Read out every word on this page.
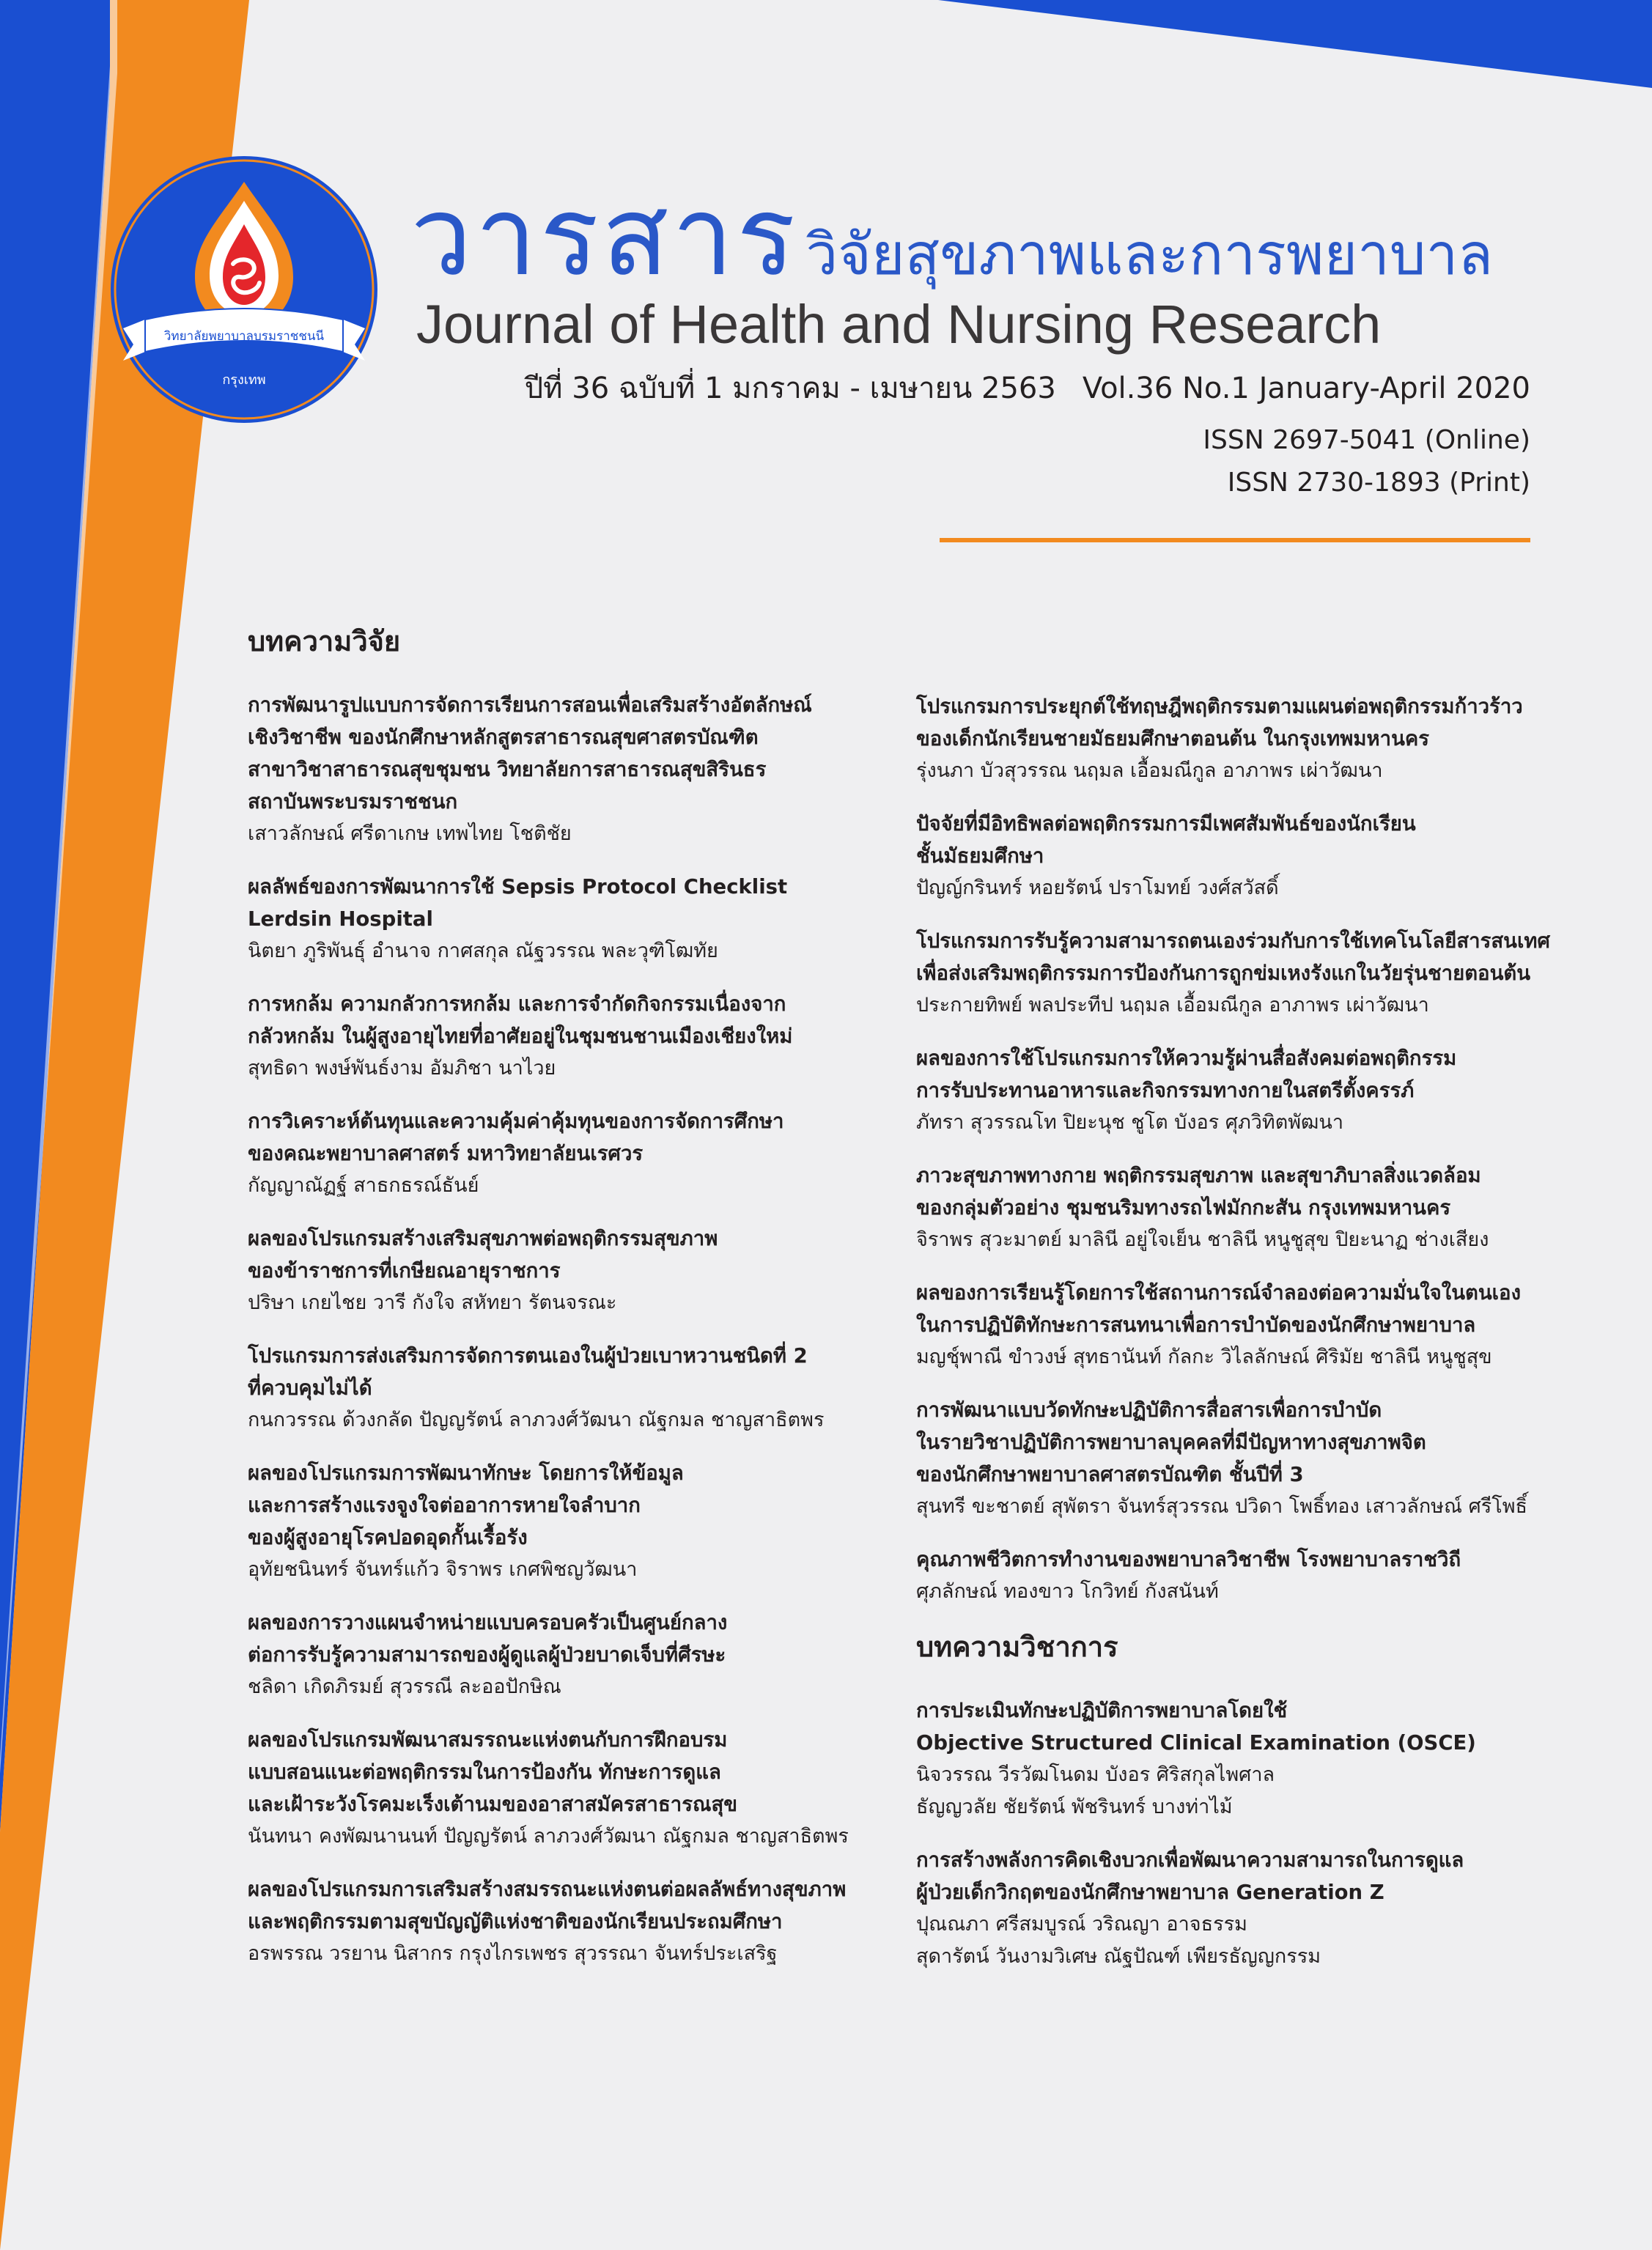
วิทยาลัยพยาบาลบรมราชชนนี
กรุงเทพ
วารสาร วิจัยสุขภาพและการพยาบาล
Journal of Health and Nursing Research
ปีที่ 36 ฉบับที่ 1 มกราคม - เมษายน 2563 Vol.36 No.1 January-April 2020
ISSN 2697-5041 (Online)
ISSN 2730-1893 (Print)
บทความวิจัย
การพัฒนารูปแบบการจัดการเรียนการสอนเพื่อเสริมสร้างอัตลักษณ์
เชิงวิชาชีพ ของนักศึกษาหลักสูตรสาธารณสุขศาสตรบัณฑิต
สาขาวิชาสาธารณสุขชุมชน วิทยาลัยการสาธารณสุขสิรินธร
สถาบันพระบรมราชชนก
เสาวลักษณ์ ศรีดาเกษ เทพไทย โชติชัย
ผลลัพธ์ของการพัฒนาการใช้ Sepsis Protocol Checklist
Lerdsin Hospital
นิตยา ภูริพันธุ์ อำนาจ กาศสกุล ณัฐวรรณ พละวุฑิโฒทัย
การหกล้ม ความกลัวการหกล้ม และการจำกัดกิจกรรมเนื่องจาก
กลัวหกล้ม ในผู้สูงอายุไทยที่อาศัยอยู่ในชุมชนชานเมืองเชียงใหม่
สุทธิดา พงษ์พันธ์งาม อัมภิชา นาไวย
การวิเคราะห์ต้นทุนและความคุ้มค่าคุ้มทุนของการจัดการศึกษา
ของคณะพยาบาลศาสตร์ มหาวิทยาลัยนเรศวร
กัญญาณัฏฐ์ สาธกธรณ์ธันย์
ผลของโปรแกรมสร้างเสริมสุขภาพต่อพฤติกรรมสุขภาพ
ของข้าราชการที่เกษียณอายุราชการ
ปริษา เกยไชย วารี กังใจ สหัทยา รัตนจรณะ
โปรแกรมการส่งเสริมการจัดการตนเองในผู้ป่วยเบาหวานชนิดที่ 2
ที่ควบคุมไม่ได้
กนกวรรณ ด้วงกลัด ปัญญรัตน์ ลาภวงศ์วัฒนา ณัฐกมล ชาญสาธิตพร
ผลของโปรแกรมการพัฒนาทักษะ โดยการให้ข้อมูล
และการสร้างแรงจูงใจต่ออาการหายใจลำบาก
ของผู้สูงอายุโรคปอดอุดกั้นเรื้อรัง
อุทัยชนินทร์ จันทร์แก้ว จิราพร เกศพิชญวัฒนา
ผลของการวางแผนจำหน่ายแบบครอบครัวเป็นศูนย์กลาง
ต่อการรับรู้ความสามารถของผู้ดูแลผู้ป่วยบาดเจ็บที่ศีรษะ
ชลิดา เกิดภิรมย์ สุวรรณี ละออปักษิณ
ผลของโปรแกรมพัฒนาสมรรถนะแห่งตนกับการฝึกอบรม
แบบสอนแนะต่อพฤติกรรมในการป้องกัน ทักษะการดูแล
และเฝ้าระวังโรคมะเร็งเต้านมของอาสาสมัครสาธารณสุข
นันทนา คงพัฒนานนท์ ปัญญรัตน์ ลาภวงศ์วัฒนา ณัฐกมล ชาญสาธิตพร
ผลของโปรแกรมการเสริมสร้างสมรรถนะแห่งตนต่อผลลัพธ์ทางสุขภาพ
และพฤติกรรมตามสุขบัญญัติแห่งชาติของนักเรียนประถมศึกษา
อรพรรณ วรยาน นิสากร กรุงไกรเพชร สุวรรณา จันทร์ประเสริฐ
โปรแกรมการประยุกต์ใช้ทฤษฎีพฤติกรรมตามแผนต่อพฤติกรรมก้าวร้าว
ของเด็กนักเรียนชายมัธยมศึกษาตอนต้น ในกรุงเทพมหานคร
รุ่งนภา บัวสุวรรณ นฤมล เอื้อมณีกูล อาภาพร เผ่าวัฒนา
ปัจจัยที่มีอิทธิพลต่อพฤติกรรมการมีเพศสัมพันธ์ของนักเรียน
ชั้นมัธยมศึกษา
ปัญญ์กรินทร์ หอยรัตน์ ปราโมทย์ วงศ์สวัสดิ์
โปรแกรมการรับรู้ความสามารถตนเองร่วมกับการใช้เทคโนโลยีสารสนเทศ
เพื่อส่งเสริมพฤติกรรมการป้องกันการถูกข่มเหงรังแกในวัยรุ่นชายตอนต้น
ประกายทิพย์ พลประทีป นฤมล เอื้อมณีกูล อาภาพร เผ่าวัฒนา
ผลของการใช้โปรแกรมการให้ความรู้ผ่านสื่อสังคมต่อพฤติกรรม
การรับประทานอาหารและกิจกรรมทางกายในสตรีตั้งครรภ์
ภัทรา สุวรรณโท ปิยะนุช ชูโต บังอร ศุภวิทิตพัฒนา
ภาวะสุขภาพทางกาย พฤติกรรมสุขภาพ และสุขาภิบาลสิ่งแวดล้อม
ของกลุ่มตัวอย่าง ชุมชนริมทางรถไฟมักกะสัน กรุงเทพมหานคร
จิราพร สุวะมาตย์ มาลินี อยู่ใจเย็น ชาลินี หนูชูสุข ปิยะนาฏ ช่างเสียง
ผลของการเรียนรู้โดยการใช้สถานการณ์จำลองต่อความมั่นใจในตนเอง
ในการปฏิบัติทักษะการสนทนาเพื่อการบำบัดของนักศึกษาพยาบาล
มญชุ์พาณี ขำวงษ์ สุทธานันท์ กัลกะ วิไลลักษณ์ ศิริมัย ชาลินี หนูชูสุข
การพัฒนาแบบวัดทักษะปฏิบัติการสื่อสารเพื่อการบำบัด
ในรายวิชาปฏิบัติการพยาบาลบุคคลที่มีปัญหาทางสุขภาพจิต
ของนักศึกษาพยาบาลศาสตรบัณฑิต ชั้นปีที่ 3
สุนทรี ขะชาตย์ สุพัตรา จันทร์สุวรรณ ปวิดา โพธิ์ทอง เสาวลักษณ์ ศรีโพธิ์
คุณภาพชีวิตการทำงานของพยาบาลวิชาชีพ โรงพยาบาลราชวิถี
ศุภลักษณ์ ทองขาว โกวิทย์ กังสนันท์
บทความวิชาการ
การประเมินทักษะปฏิบัติการพยาบาลโดยใช้
Objective Structured Clinical Examination (OSCE)
นิจวรรณ วีรวัฒโนดม บังอร ศิริสกุลไพศาล
ธัญญวลัย ชัยรัตน์ พัชรินทร์ บางท่าไม้
การสร้างพลังการคิดเชิงบวกเพื่อพัฒนาความสามารถในการดูแล
ผู้ป่วยเด็กวิกฤตของนักศึกษาพยาบาล Generation Z
ปุณณภา ศรีสมบูรณ์ วริณญา อาจธรรม
สุดารัตน์ วันงามวิเศษ ณัฐปัณฑ์ เพียรธัญญกรรม
